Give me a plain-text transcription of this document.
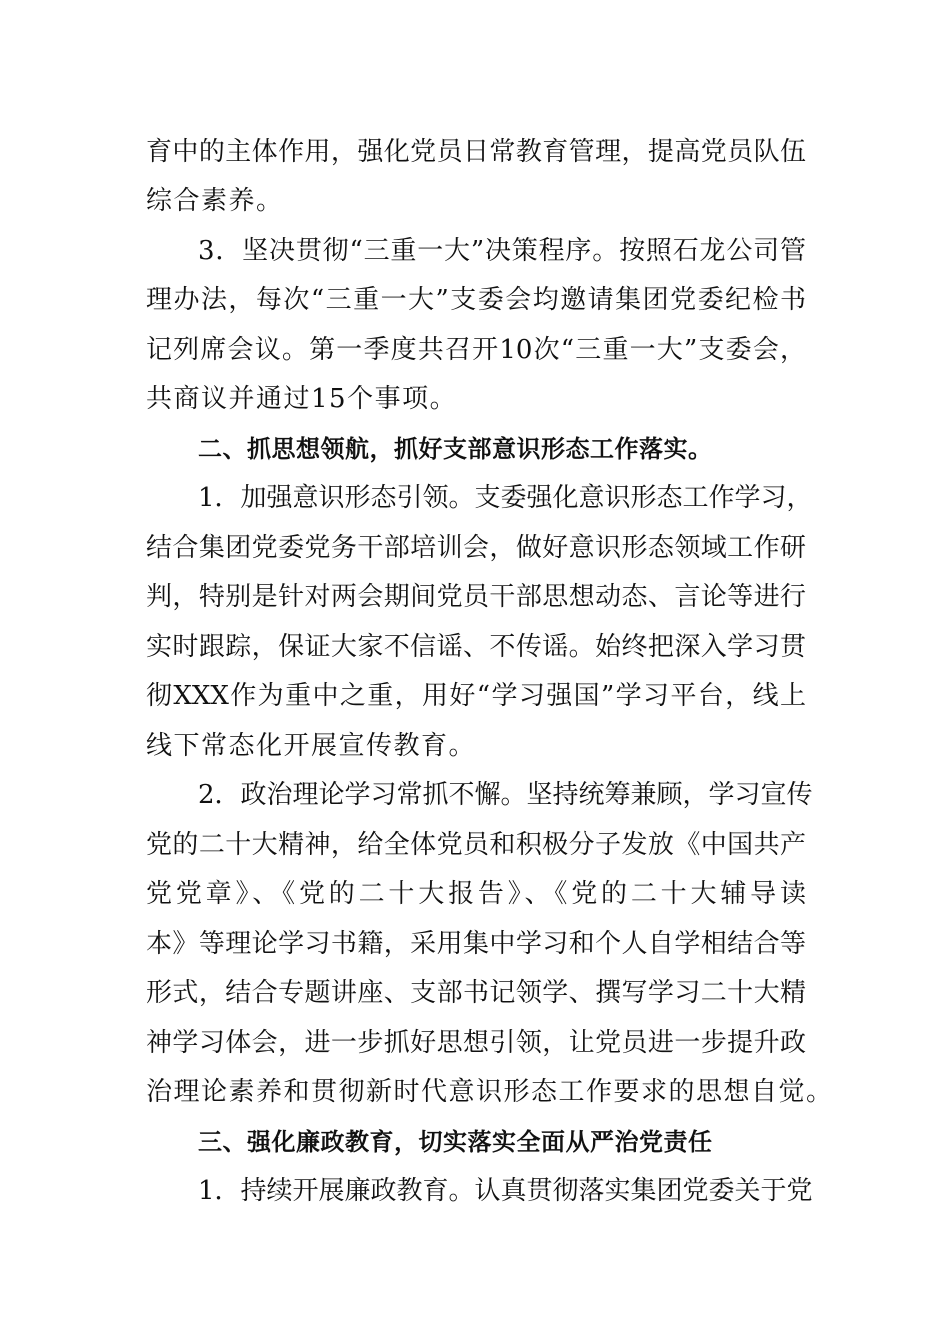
育中的主体作用，强化党员日常教育管理，提高党员队伍
综合素养。
3．坚决贯彻“三重一大”决策程序。按照石龙公司管
理办法，每次“三重一大”支委会均邀请集团党委纪检书
记列席会议。第一季度共召开10次“三重一大”支委会，
共商议并通过15个事项。
二、抓思想领航，抓好支部意识形态工作落实。
1．加强意识形态引领。支委强化意识形态工作学习，
结合集团党委党务干部培训会，做好意识形态领域工作研
判，特别是针对两会期间党员干部思想动态、言论等进行
实时跟踪，保证大家不信谣、不传谣。始终把深入学习贯
彻XXX作为重中之重，用好“学习强国”学习平台，线上
线下常态化开展宣传教育。
2．政治理论学习常抓不懈。坚持统筹兼顾，学习宣传
党的二十大精神，给全体党员和积极分子发放《中国共产
党党章》、《党的二十大报告》、《党的二十大辅导读
本》等理论学习书籍，采用集中学习和个人自学相结合等
形式，结合专题讲座、支部书记领学、撰写学习二十大精
神学习体会，进一步抓好思想引领，让党员进一步提升政
治理论素养和贯彻新时代意识形态工作要求的思想自觉。
三、强化廉政教育，切实落实全面从严治党责任
1．持续开展廉政教育。认真贯彻落实集团党委关于党
